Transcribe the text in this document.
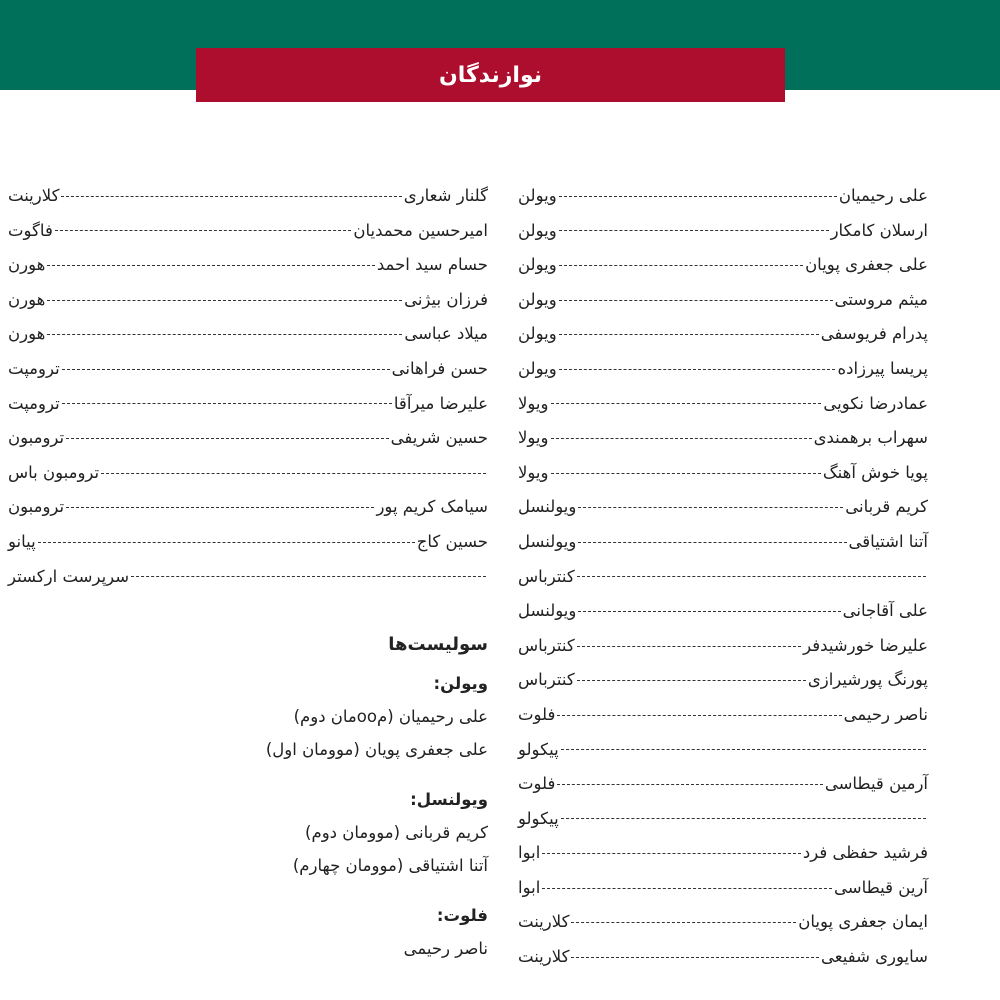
نوازندگان
علی رحیمیان
ویولن
ارسلان کامکار
ویولن
علی جعفری پویان
ویولن
میثم مروستی
ویولن
پدرام فریوسفی
ویولن
پریسا پیرزاده
ویولن
عمادرضا نکویی
ویولا
سهراب برهمندی
ویولا
پویا خوش آهنگ
ویولا
کریم قربانی
ویولنسل
آتنا اشتیاقی
ویولنسل
کنترباس
علی آقاجانی
ویولنسل
علیرضا خورشیدفر
کنترباس
پورنگ پورشیرازی
کنترباس
ناصر رحیمی
فلوت
پیکولو
آرمین قیطاسی
فلوت
پیکولو
فرشید حفظی فرد
ابوا
آرین قیطاسی
ابوا
ایمان جعفری پویان
کلارینت
سایوری شفیعی
کلارینت
گلنار شعاری
کلارینت
امیرحسین محمدیان
فاگوت
حسام سید احمد
هورن
فرزان بیژنی
هورن
میلاد عباسی
هورن
حسن فراهانی
ترومپت
علیرضا میرآقا
ترومپت
حسین شریفی
ترومبون
ترومبون باس
سیامک کریم پور
ترومبون
حسین کاج
پیانو
سرپرست ارکستر
سولیست‌ها
ویولن:
علی رحیمیان (مooمان دوم)
علی جعفری پویان (موومان اول)
ویولنسل:
کریم قربانی (موومان دوم)
آتنا اشتیاقی (موومان چهارم)
فلوت:
ناصر رحیمی
